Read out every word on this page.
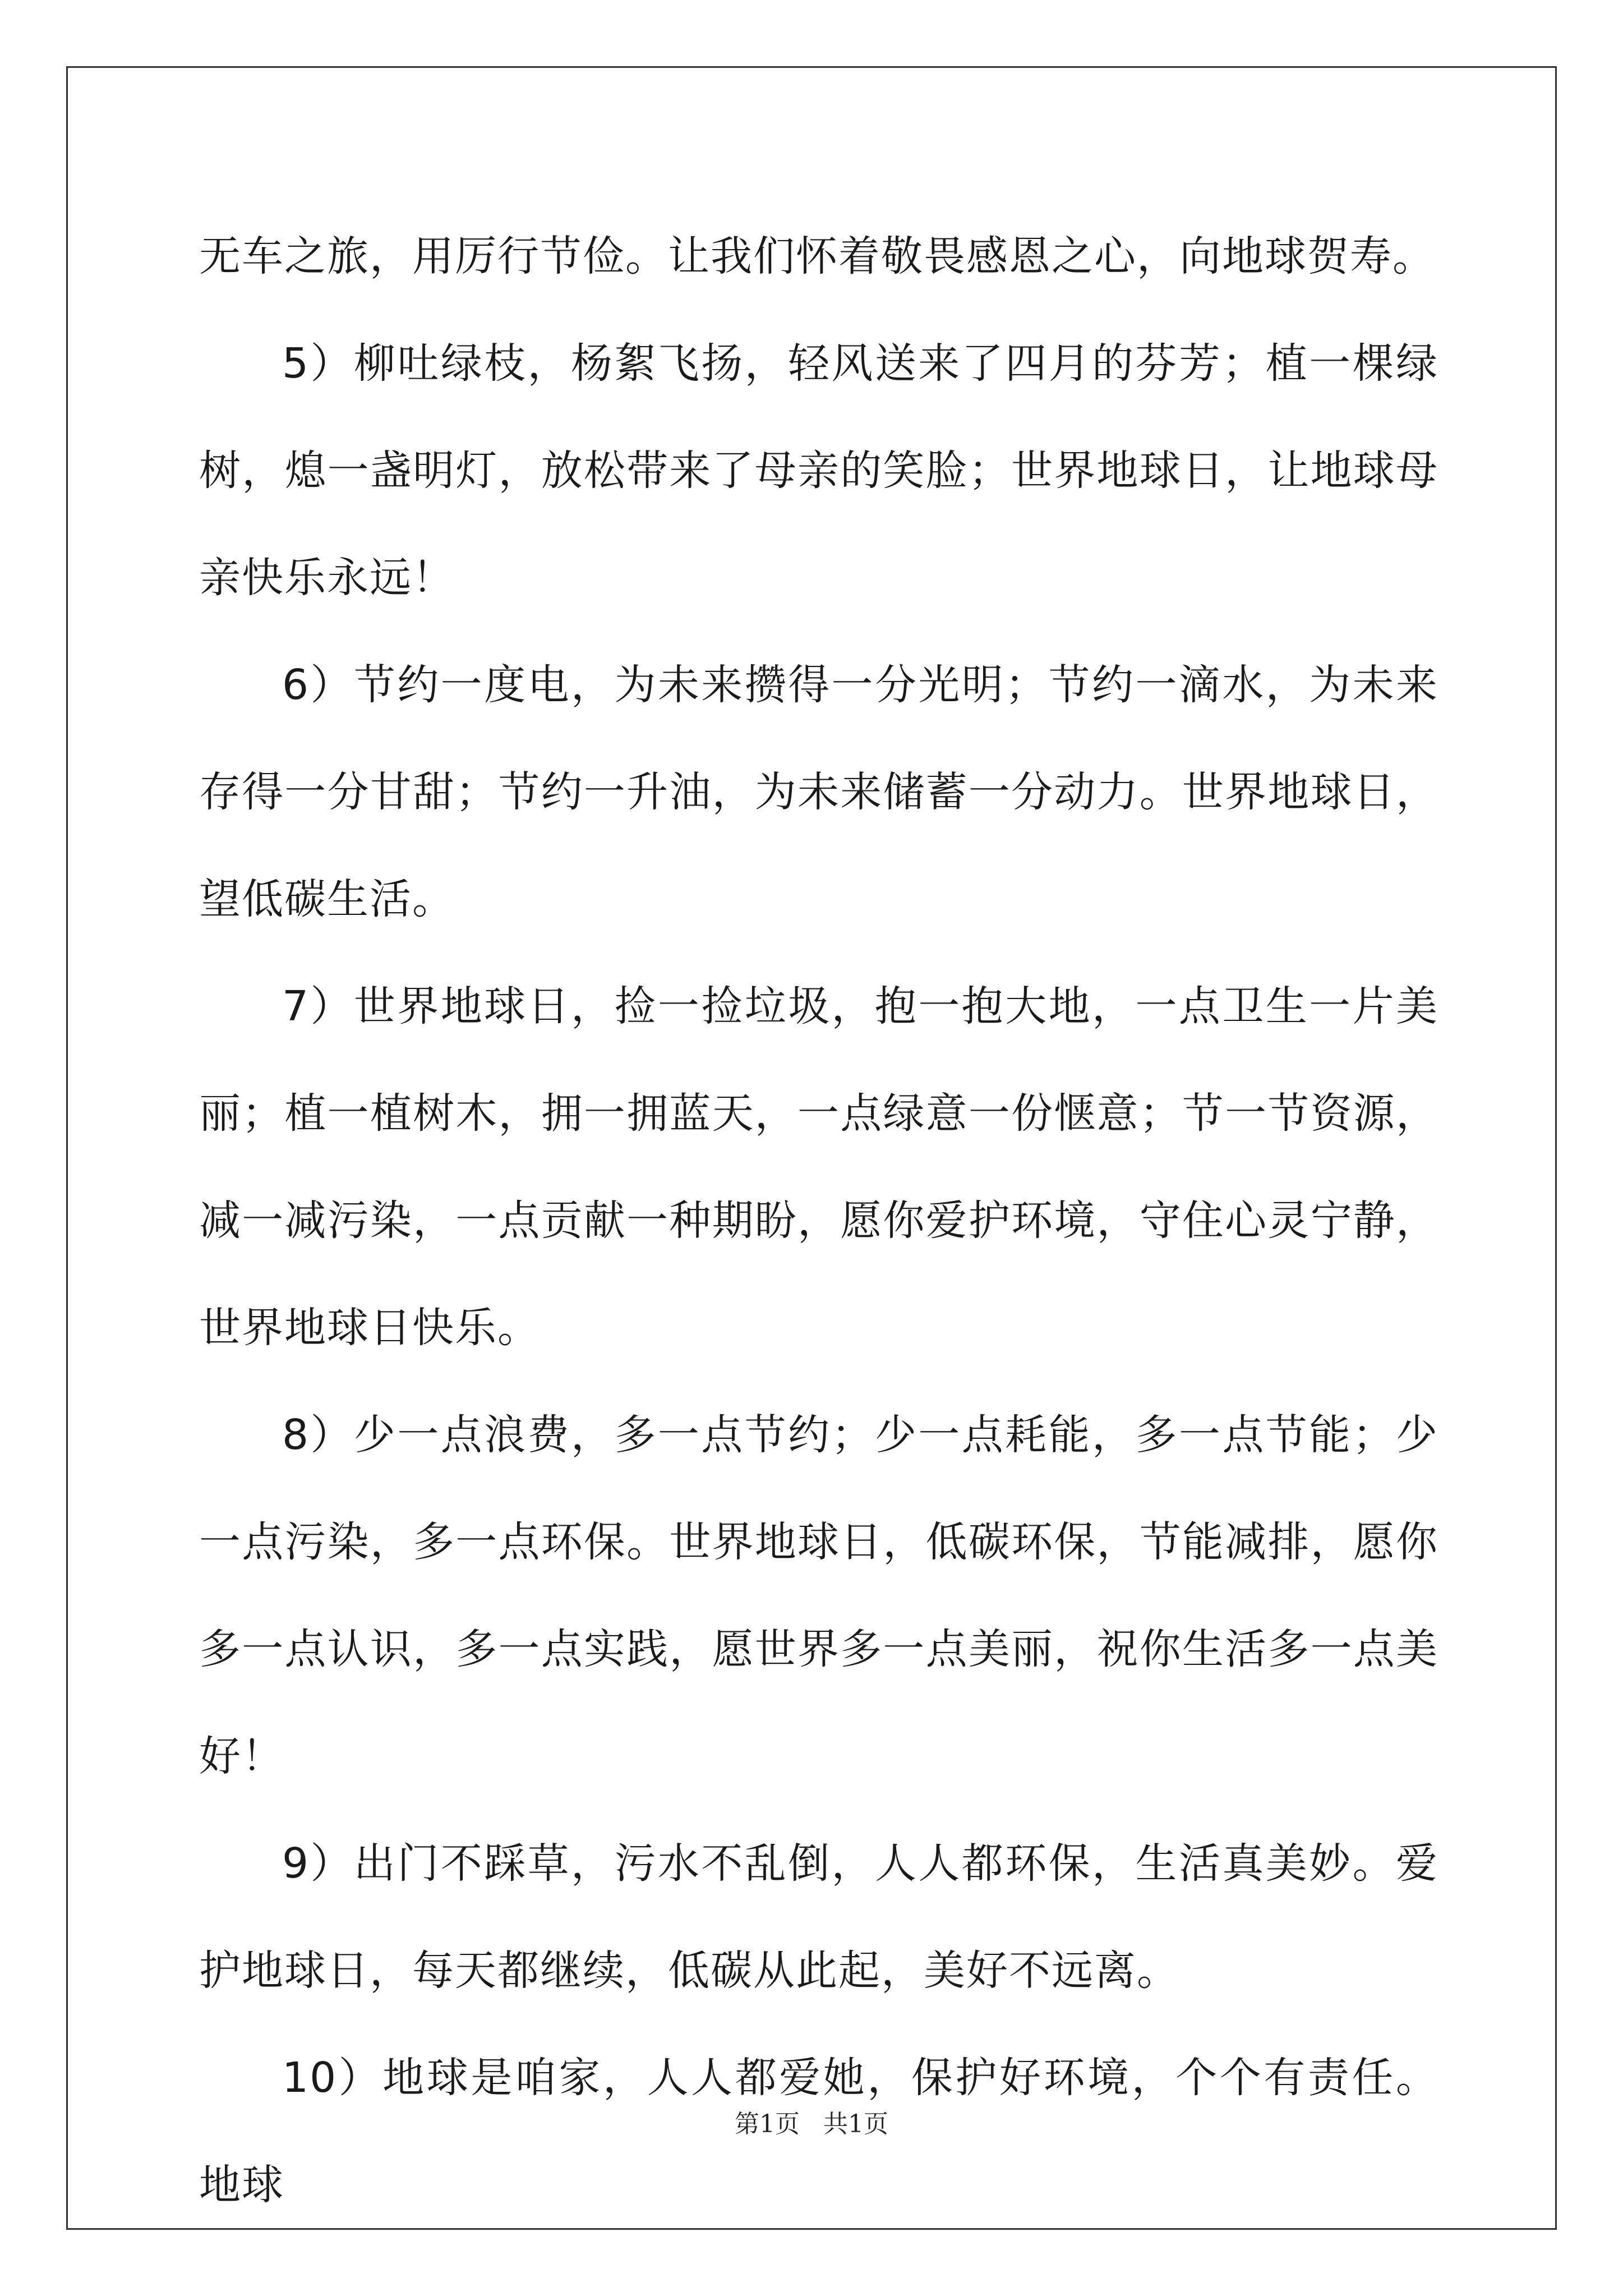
无车之旅，用厉行节俭。让我们怀着敬畏感恩之心，向地球贺寿。

5）柳吐绿枝，杨絮飞扬，轻风送来了四月的芬芳；植一棵绿树，熄一盏明灯，放松带来了母亲的笑脸；世界地球日，让地球母亲快乐永远！

6）节约一度电，为未来攒得一分光明；节约一滴水，为未来存得一分甘甜；节约一升油，为未来储蓄一分动力。世界地球日，望低碳生活。

7）世界地球日，捡一捡垃圾，抱一抱大地，一点卫生一片美丽；植一植树木，拥一拥蓝天，一点绿意一份惬意；节一节资源，减一减污染，一点贡献一种期盼，愿你爱护环境，守住心灵宁静，世界地球日快乐。

8）少一点浪费，多一点节约；少一点耗能，多一点节能；少一点污染，多一点环保。世界地球日，低碳环保，节能减排，愿你多一点认识，多一点实践，愿世界多一点美丽，祝你生活多一点美好！

9）出门不踩草，污水不乱倒，人人都环保，生活真美妙。爱护地球日，每天都继续，低碳从此起，美好不远离。

10）地球是咱家，人人都爱她，保护好环境，个个有责任。地球

第1页   共1页
